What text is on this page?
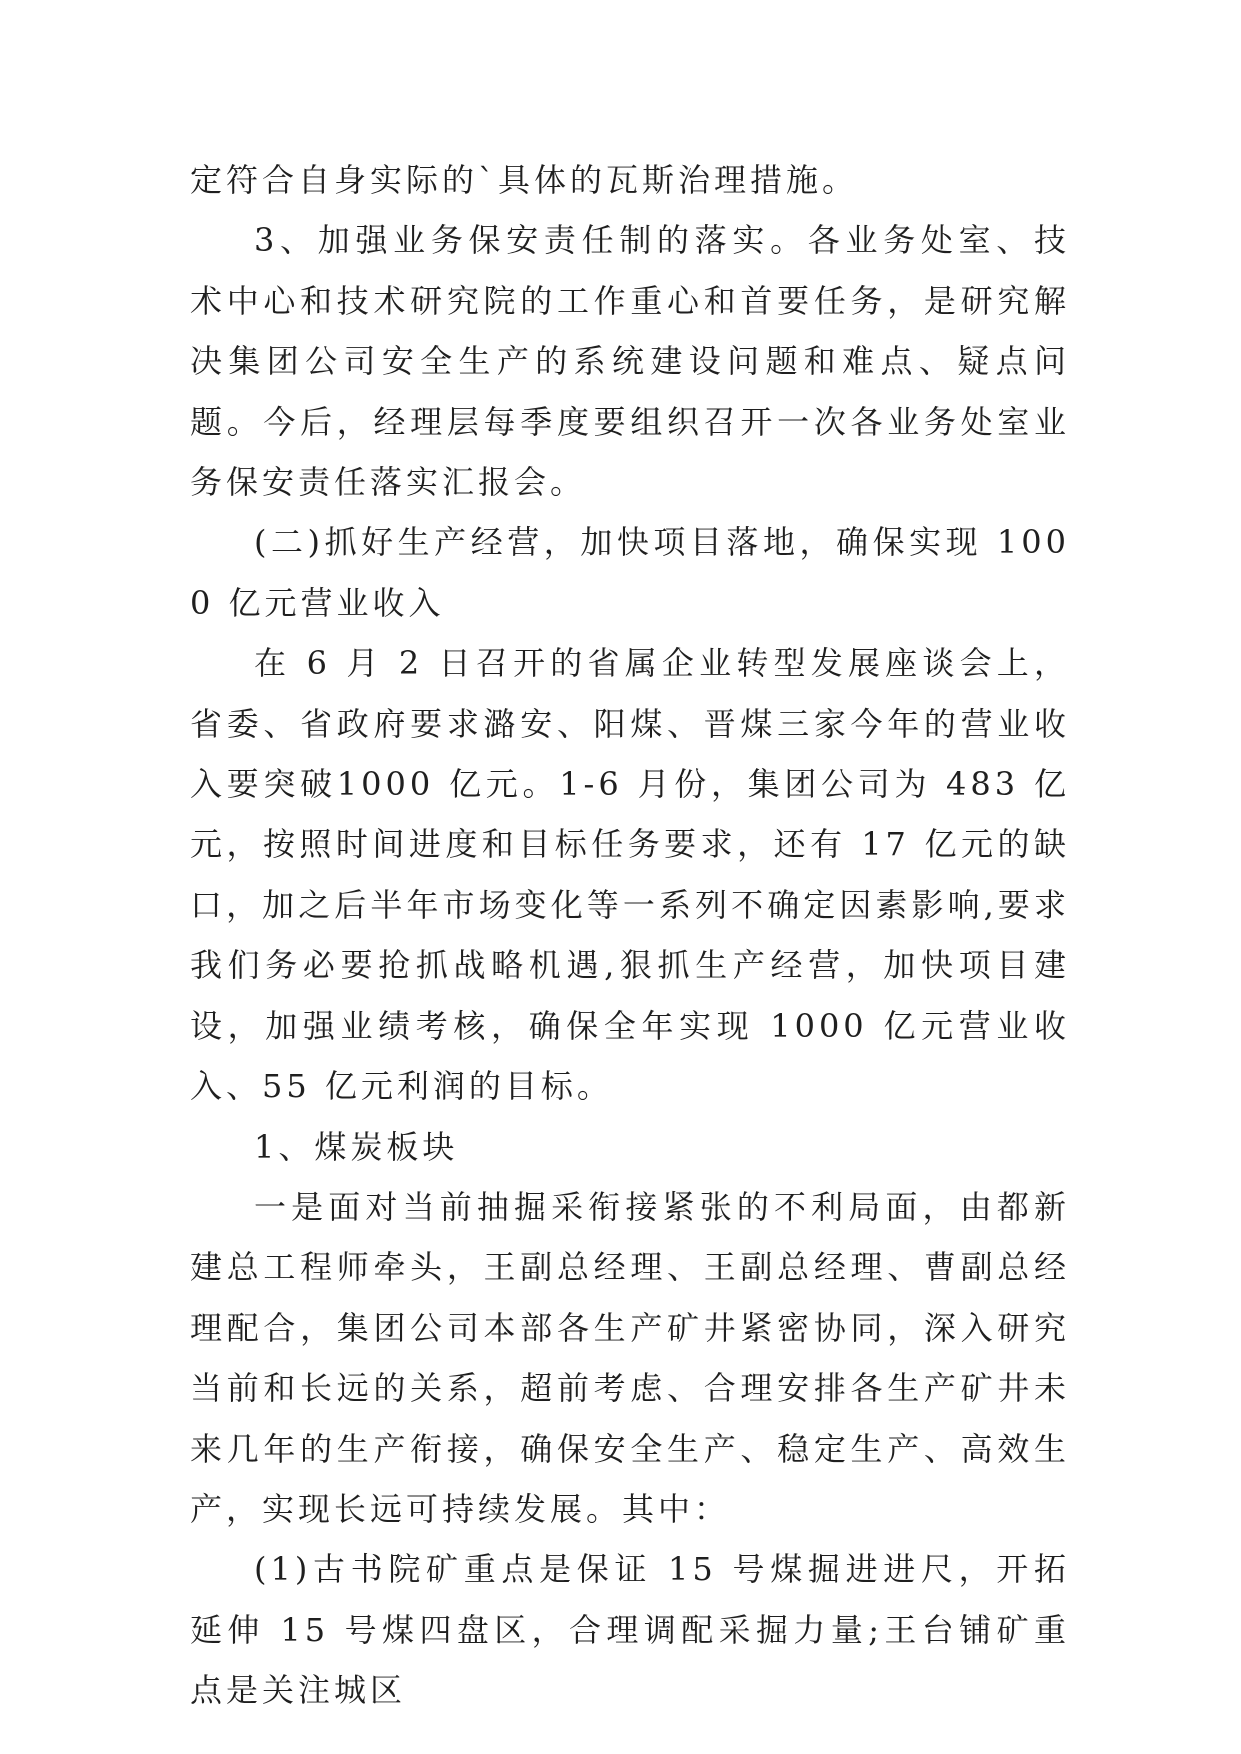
定符合自身实际的`具体的瓦斯治理措施。

3、加强业务保安责任制的落实。各业务处室、技术中心和技术研究院的工作重心和首要任务，是研究解决集团公司安全生产的系统建设问题和难点、疑点问题。今后，经理层每季度要组织召开一次各业务处室业务保安责任落实汇报会。

(二)抓好生产经营，加快项目落地，确保实现 1000 亿元营业收入

在 6 月 2 日召开的省属企业转型发展座谈会上，省委、省政府要求潞安、阳煤、晋煤三家今年的营业收入要突破1000 亿元。1-6 月份，集团公司为 483 亿元，按照时间进度和目标任务要求，还有 17 亿元的缺口，加之后半年市场变化等一系列不确定因素影响,要求我们务必要抢抓战略机遇,狠抓生产经营，加快项目建设，加强业绩考核，确保全年实现 1000 亿元营业收入、55 亿元利润的目标。

1、煤炭板块

一是面对当前抽掘采衔接紧张的不利局面，由都新建总工程师牵头，王副总经理、王副总经理、曹副总经理配合，集团公司本部各生产矿井紧密协同，深入研究当前和长远的关系，超前考虑、合理安排各生产矿井未来几年的生产衔接，确保安全生产、稳定生产、高效生产，实现长远可持续发展。其中：

(1)古书院矿重点是保证 15 号煤掘进进尺，开拓延伸 15 号煤四盘区，合理调配采掘力量;王台铺矿重点是关注城区
